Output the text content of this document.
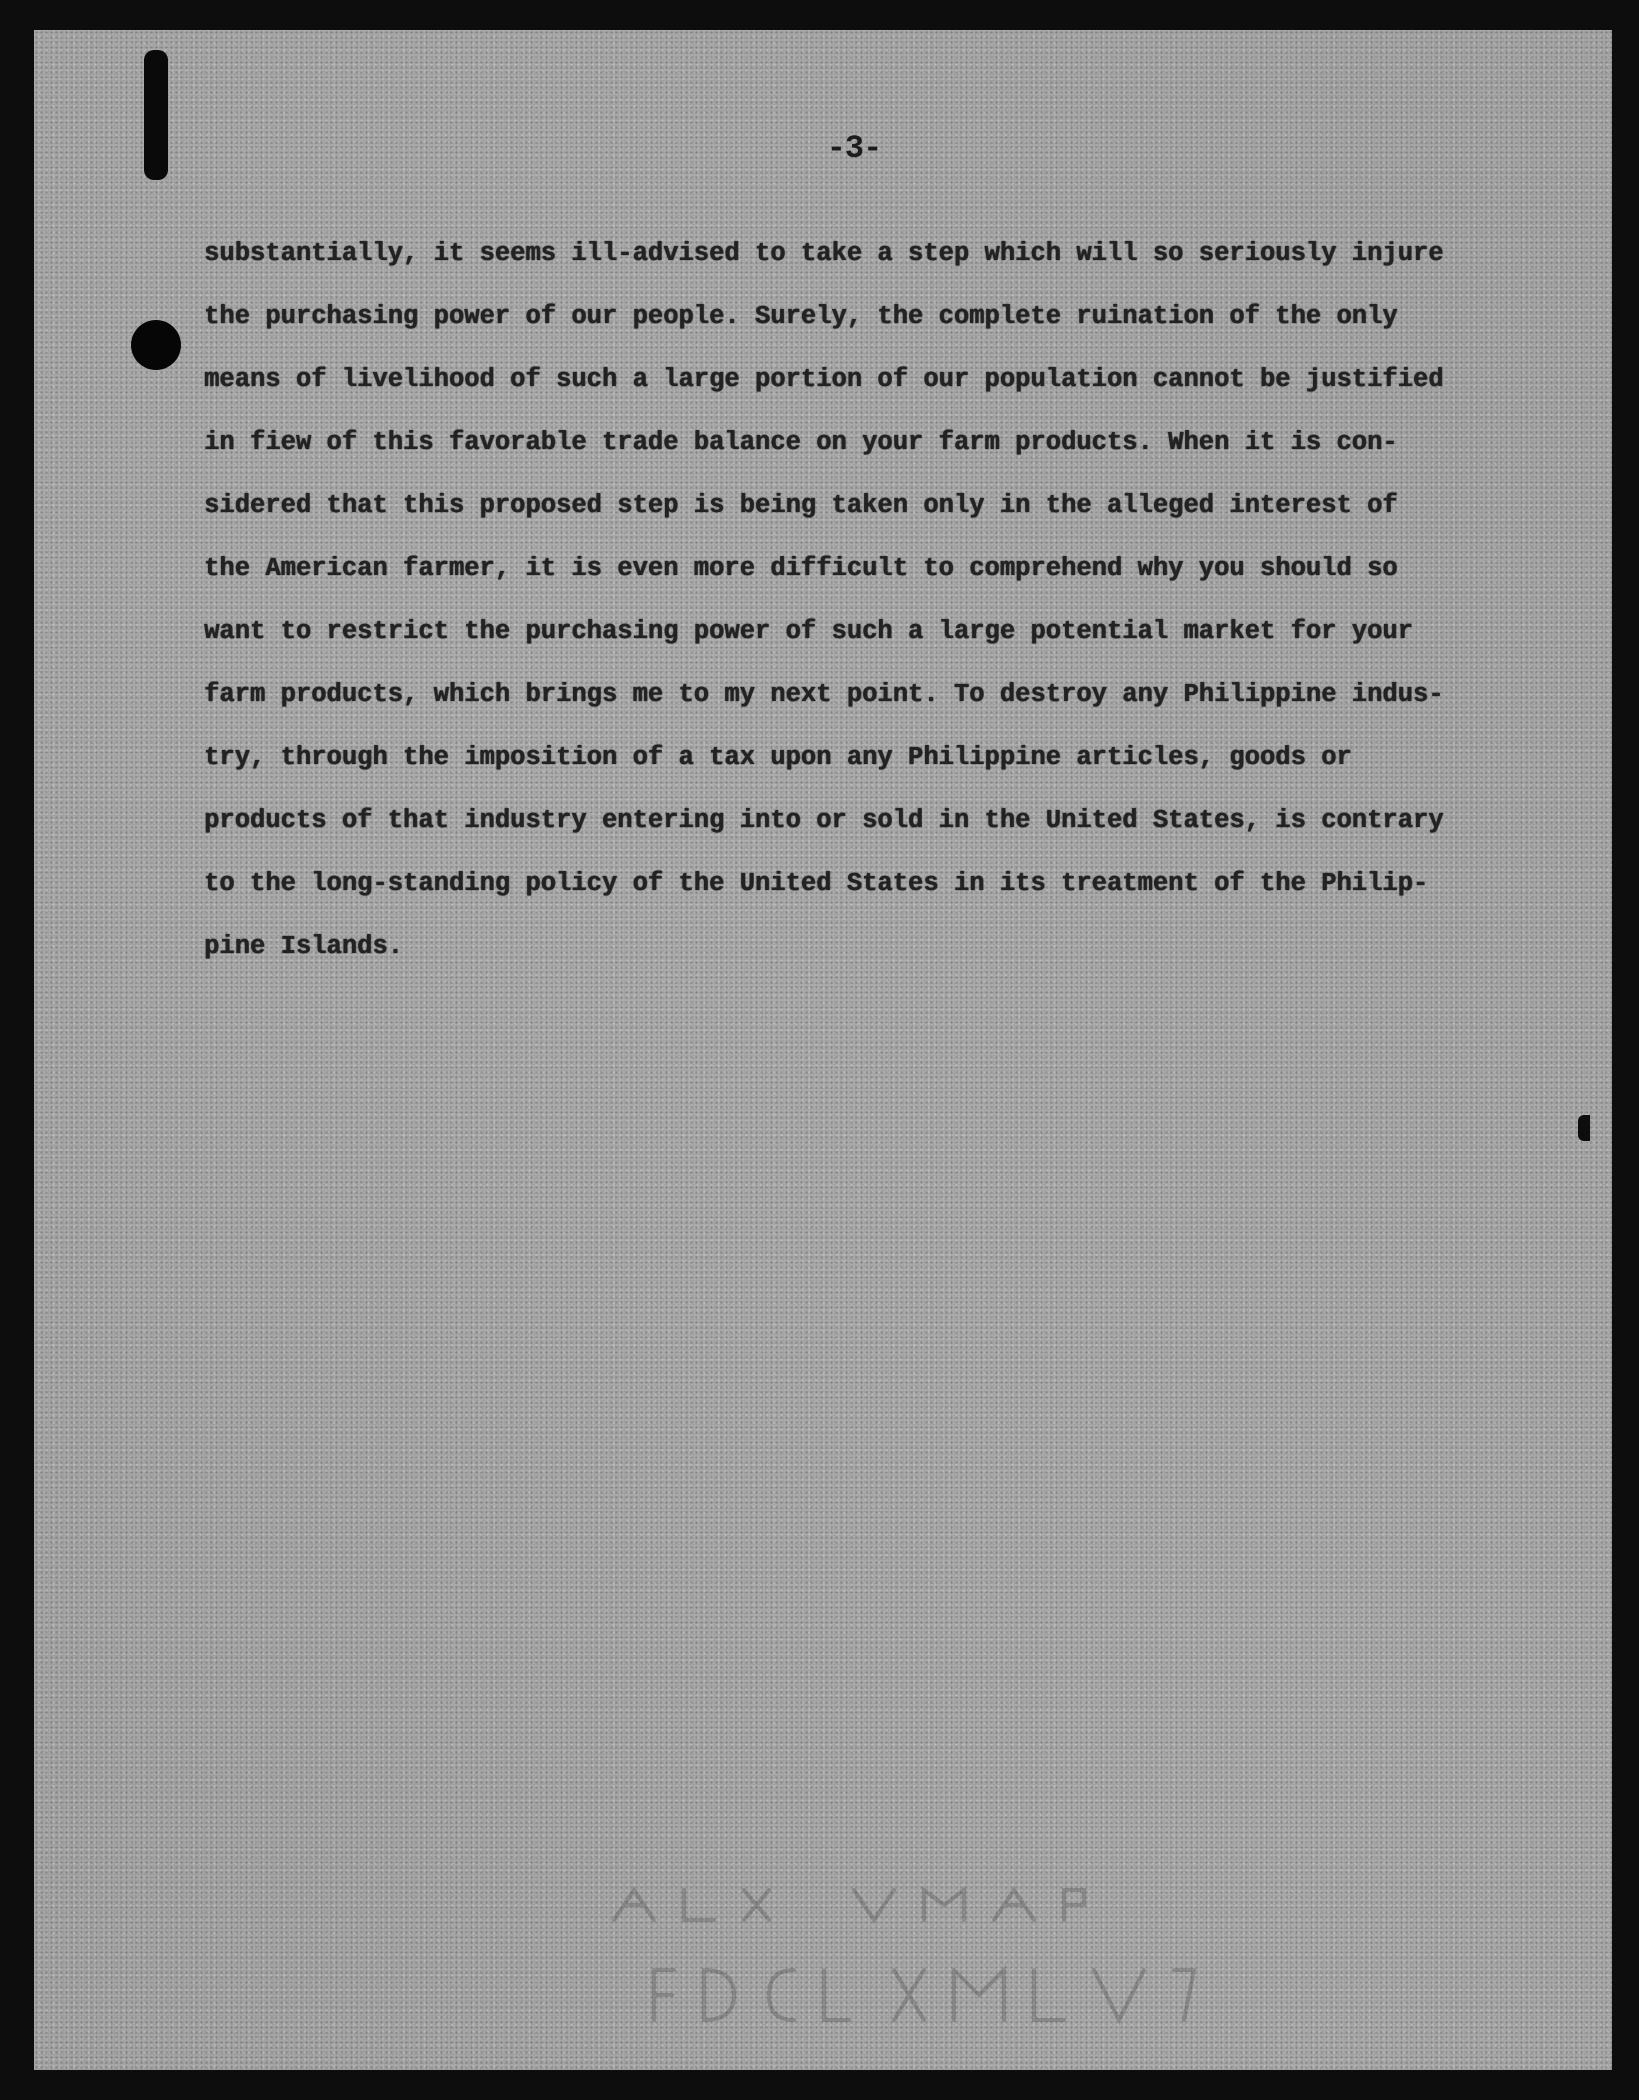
-3-
substantially, it seems ill-advised to take a step which will so seriously injure
the purchasing power of our people. Surely, the complete ruination of the only
means of livelihood of such a large portion of our population cannot be justified
in fiew of this favorable trade balance on your farm products. When it is con-
sidered that this proposed step is being taken only in the alleged interest of
the American farmer, it is even more difficult to comprehend why you should so
want to restrict the purchasing power of such a large potential market for your
farm products, which brings me to my next point. To destroy any Philippine indus-
try, through the imposition of a tax upon any Philippine articles, goods or
products of that industry entering into or sold in the United States, is contrary
to the long-standing policy of the United States in its treatment of the Philip-
pine Islands.
